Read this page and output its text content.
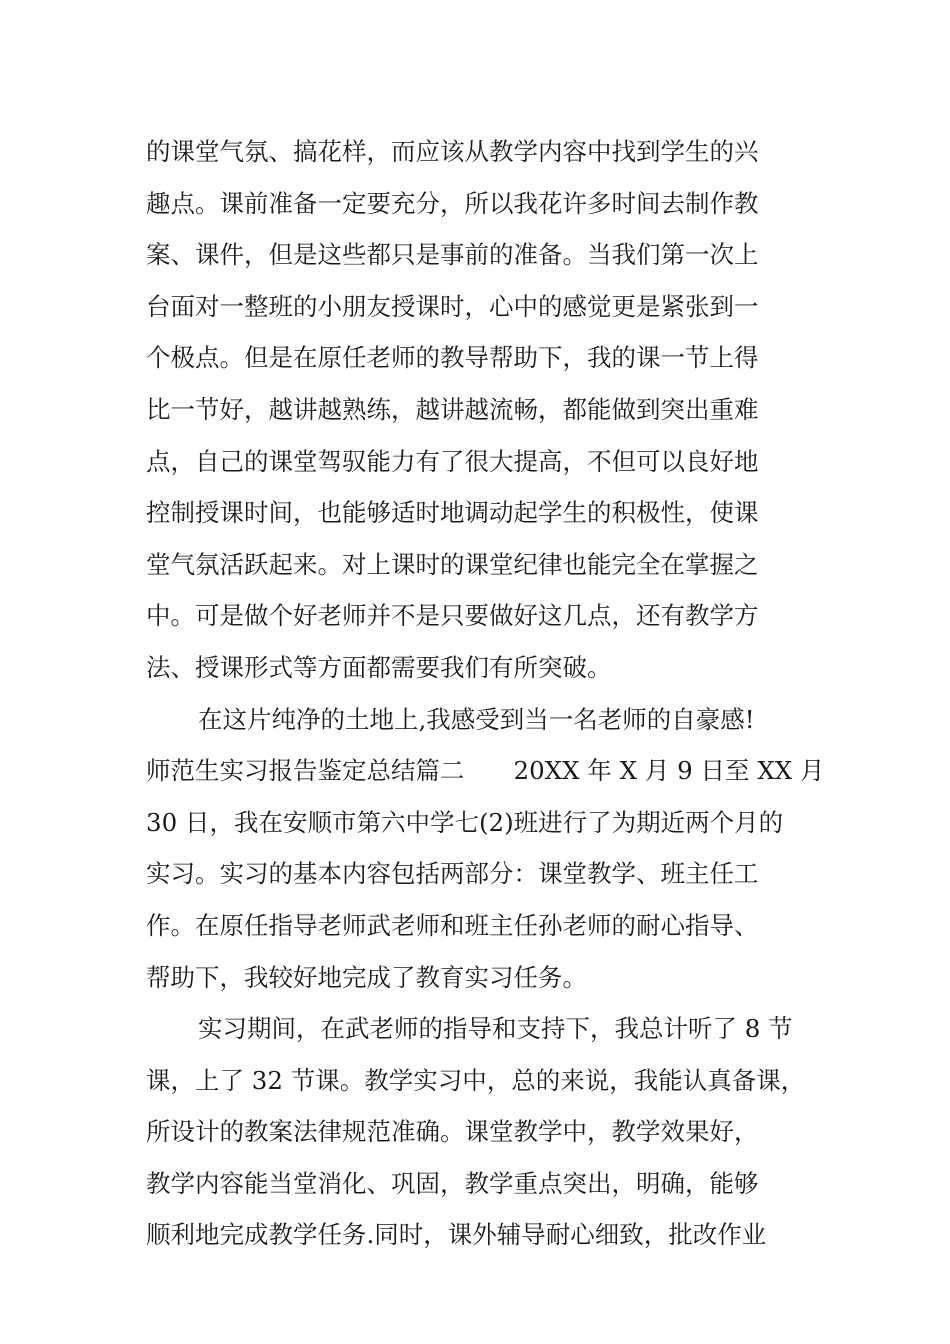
的课堂气氛、搞花样，而应该从教学内容中找到学生的兴
趣点。课前准备一定要充分，所以我花许多时间去制作教
案、课件，但是这些都只是事前的准备。当我们第一次上
台面对一整班的小朋友授课时，心中的感觉更是紧张到一
个极点。但是在原任老师的教导帮助下，我的课一节上得
比一节好，越讲越熟练，越讲越流畅，都能做到突出重难
点，自己的课堂驾驭能力有了很大提高，不但可以良好地
控制授课时间，也能够适时地调动起学生的积极性，使课
堂气氛活跃起来。对上课时的课堂纪律也能完全在掌握之
中。可是做个好老师并不是只要做好这几点，还有教学方
法、授课形式等方面都需要我们有所突破。
在这片纯净的土地上,我感受到当一名老师的自豪感!
师范生实习报告鉴定总结篇二　　20XX 年 X 月 9 日至 XX 月
30 日，我在安顺市第六中学七(2)班进行了为期近两个月的
实习。实习的基本内容包括两部分：课堂教学、班主任工
作。在原任指导老师武老师和班主任孙老师的耐心指导、
帮助下，我较好地完成了教育实习任务。
实习期间，在武老师的指导和支持下，我总计听了 8 节
课，上了 32 节课。教学实习中，总的来说，我能认真备课，
所设计的教案法律规范准确。课堂教学中，教学效果好，
教学内容能当堂消化、巩固，教学重点突出，明确，能够
顺利地完成教学任务.同时，课外辅导耐心细致，批改作业
